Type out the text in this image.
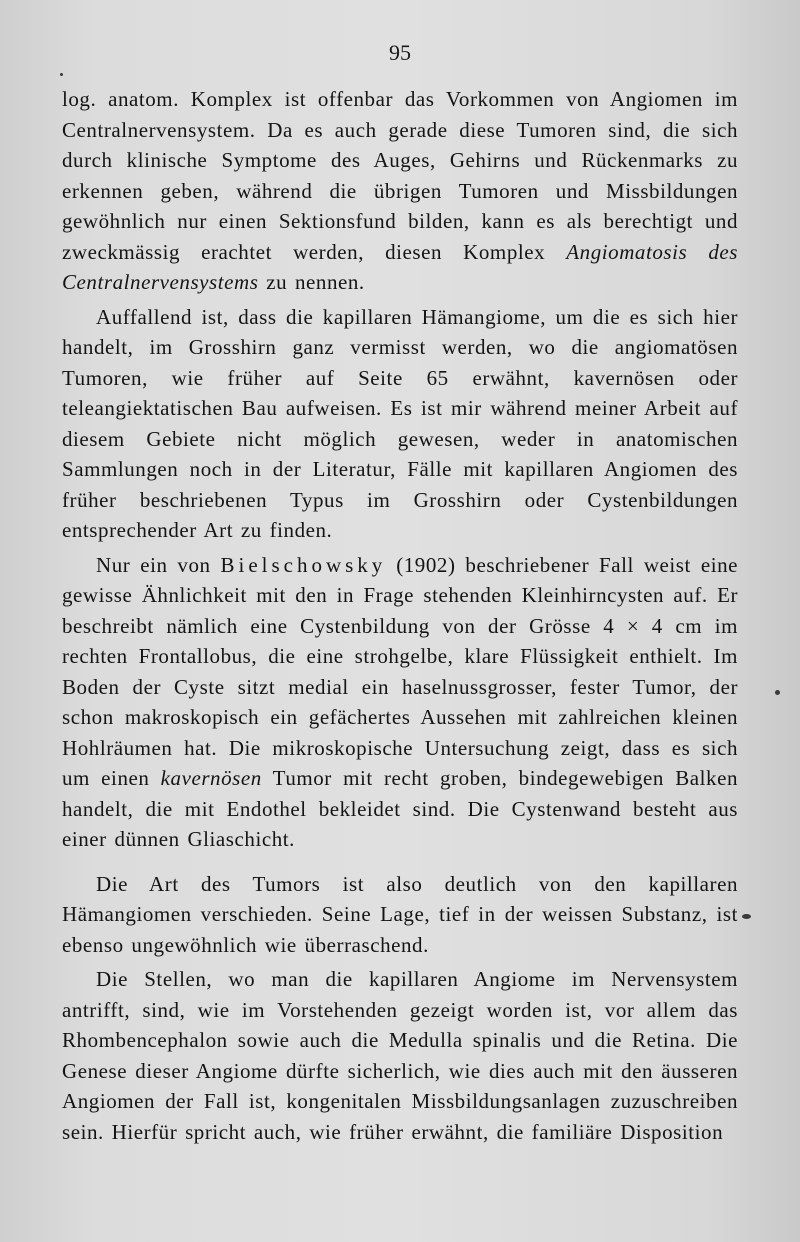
95

log. anatom. Komplex ist offenbar das Vorkommen von Angiomen im Centralnervensystem. Da es auch gerade diese Tumoren sind, die sich durch klinische Symptome des Auges, Gehirns und Rückenmarks zu erkennen geben, während die übrigen Tumoren und Missbildungen gewöhnlich nur einen Sektionsfund bilden, kann es als berechtigt und zweckmässig erachtet werden, diesen Komplex Angiomatosis des Centralnervensystems zu nennen.

Auffallend ist, dass die kapillaren Hämangiome, um die es sich hier handelt, im Grosshirn ganz vermisst werden, wo die angiomatösen Tumoren, wie früher auf Seite 65 erwähnt, kavernösen oder teleangiektatischen Bau aufweisen. Es ist mir während meiner Arbeit auf diesem Gebiete nicht möglich gewesen, weder in anatomischen Sammlungen noch in der Literatur, Fälle mit kapillaren Angiomen des früher beschriebenen Typus im Grosshirn oder Cystenbildungen entsprechender Art zu finden.

Nur ein von Bielschowsky (1902) beschriebener Fall weist eine gewisse Ähnlichkeit mit den in Frage stehenden Kleinhirncysten auf. Er beschreibt nämlich eine Cystenbildung von der Grösse 4 × 4 cm im rechten Frontallobus, die eine strohgelbe, klare Flüssigkeit enthielt. Im Boden der Cyste sitzt medial ein haselnussgrosser, fester Tumor, der schon makroskopisch ein gefächertes Aussehen mit zahlreichen kleinen Hohlräumen hat. Die mikroskopische Untersuchung zeigt, dass es sich um einen kavernösen Tumor mit recht groben, bindegewebigen Balken handelt, die mit Endothel bekleidet sind. Die Cystenwand besteht aus einer dünnen Gliaschicht.

Die Art des Tumors ist also deutlich von den kapillaren Hämangiomen verschieden. Seine Lage, tief in der weissen Substanz, ist ebenso ungewöhnlich wie überraschend.

Die Stellen, wo man die kapillaren Angiome im Nervensystem antrifft, sind, wie im Vorstehenden gezeigt worden ist, vor allem das Rhombencephalon sowie auch die Medulla spinalis und die Retina. Die Genese dieser Angiome dürfte sicherlich, wie dies auch mit den äusseren Angiomen der Fall ist, kongenitalen Missbildungsanlagen zuzuschreiben sein. Hierfür spricht auch, wie früher erwähnt, die familiäre Disposition
